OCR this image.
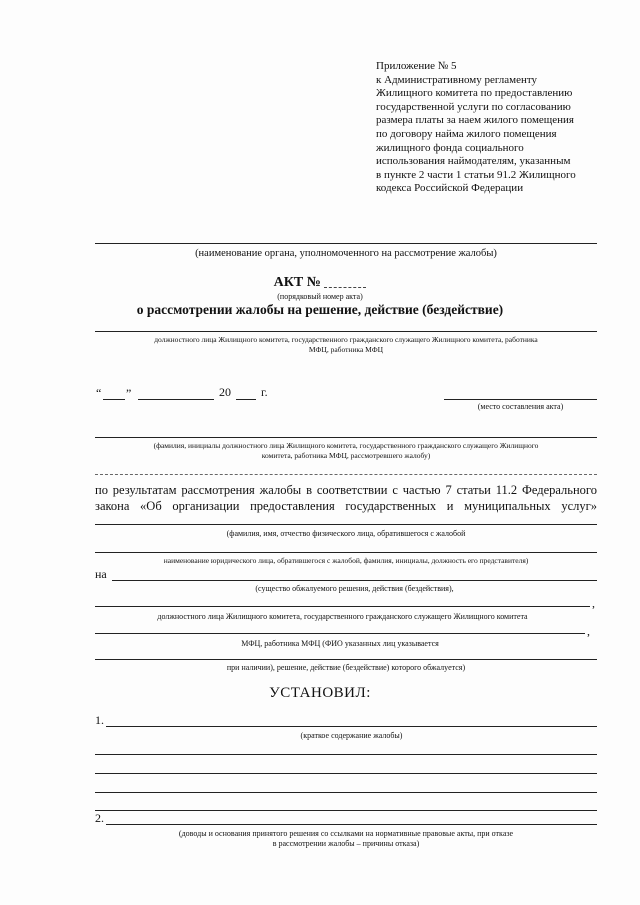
Приложение № 5
к Административному регламенту
Жилищного комитета по предоставлению
государственной услуги по согласованию
размера платы за наем жилого помещения
по договору найма жилого помещения
жилищного фонда социального
использования наймодателям, указанным
в пункте 2 части 1 статьи 91.2 Жилищного
кодекса Российской Федерации
(наименование органа, уполномоченного на рассмотрение жалобы)
АКТ №
(порядковый номер акта)
о рассмотрении жалобы на решение, действие (бездействие)
должностного лица Жилищного комитета, государственного гражданского служащего Жилищного комитета, работника
МФЦ, работника МФЦ
“ ”	20	г.
(место составления акта)
(фамилия, инициалы должностного лица Жилищного комитета, государственного гражданского служащего Жилищного
комитета, работника МФЦ, рассмотревшего жалобу)
по результатам рассмотрения жалобы в соответствии с частью 7 статьи 11.2 Федерального
закона «Об организации предоставления государственных и муниципальных услуг»
(фамилия, имя, отчество физического лица, обратившегося с жалобой
наименование юридического лица, обратившегося с жалобой, фамилия, инициалы, должность его представителя)
на
(существо обжалуемого решения, действия (бездействия),
,
должностного лица Жилищного комитета, государственного гражданского служащего Жилищного комитета
,
МФЦ, работника МФЦ (ФИО указанных лиц указывается
при наличии), решение, действие (бездействие) которого обжалуется)
УСТАНОВИЛ:
1.
(краткое содержание жалобы)
2.
(доводы и основания принятого решения со ссылками на нормативные правовые акты, при отказе
в рассмотрении жалобы – причины отказа)
